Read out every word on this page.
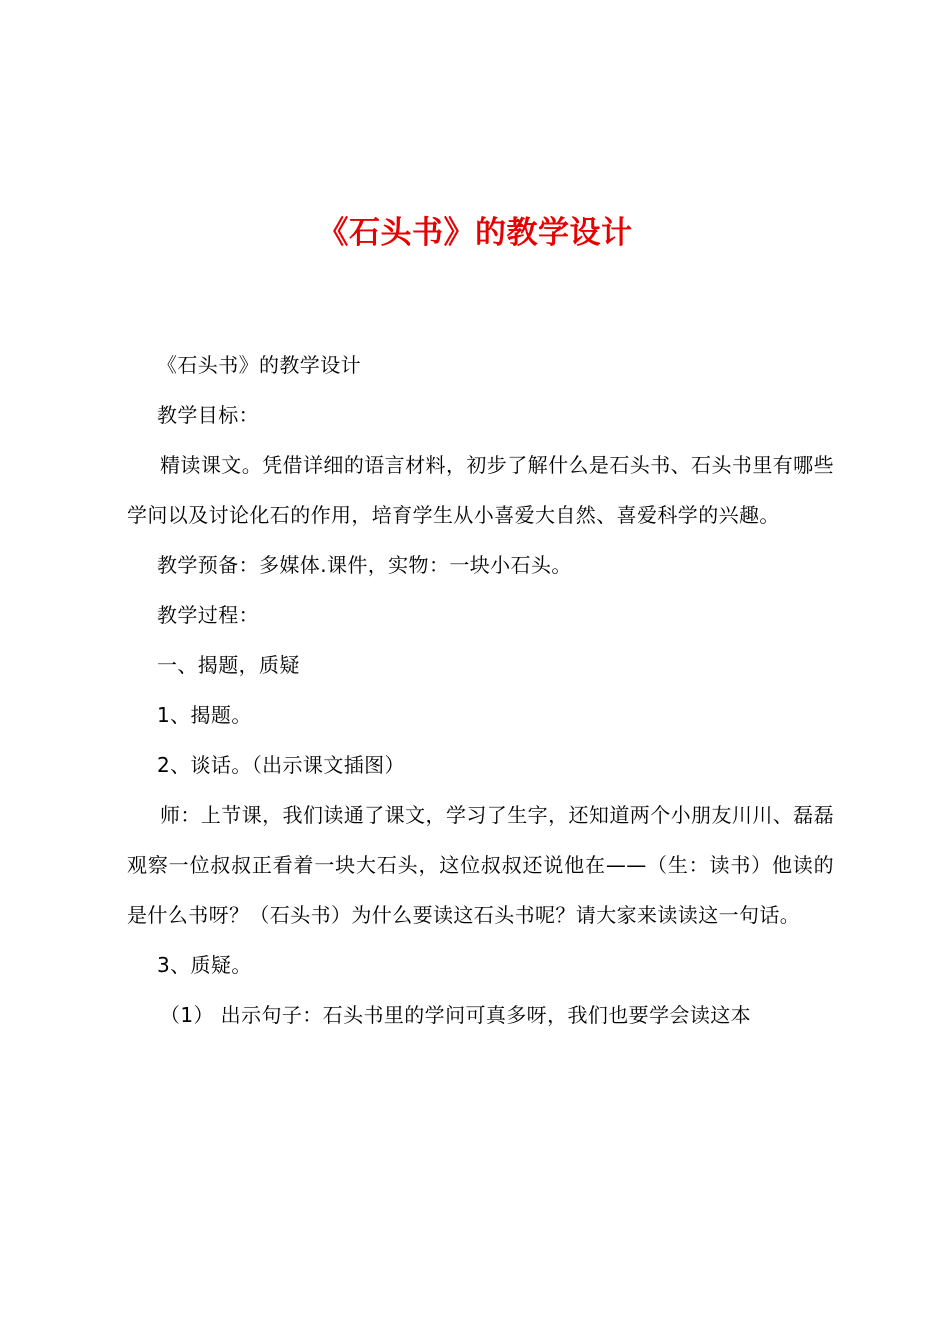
《石头书》的教学设计

《石头书》的教学设计

教学目标：

精读课文。凭借详细的语言材料，初步了解什么是石头书、石头书里有哪些学问以及讨论化石的作用，培育学生从小喜爱大自然、喜爱科学的兴趣。

教学预备：多媒体.课件，实物：一块小石头。

教学过程：

一、揭题，质疑

1、揭题。

2、谈话。（出示课文插图）

师：上节课，我们读通了课文，学习了生字，还知道两个小朋友川川、磊磊观察一位叔叔正看着一块大石头，这位叔叔还说他在——（生：读书）他读的是什么书呀？（石头书）为什么要读这石头书呢？请大家来读读这一句话。

3、质疑。

（1） 出示句子：石头书里的学问可真多呀，我们也要学会读这本
